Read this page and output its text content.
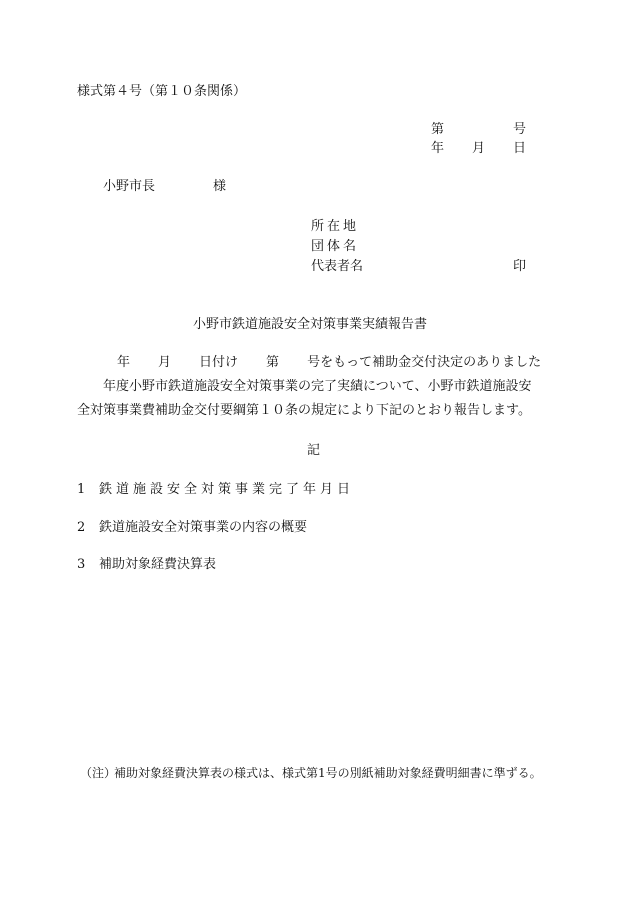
様式第４号（第１０条関係）
第	号
年 月 日
小野市長	様
所在地
団体名
代表者名	印
小野市鉄道施設安全対策事業実績報告書
年 月 日付け 第 号をもって補助金交付決定のありました
年度小野市鉄道施設安全対策事業の完了実績について、小野市鉄道施設安
全対策事業費補助金交付要綱第１０条の規定により下記のとおり報告します。
記
1 鉄道施設安全対策事業完了年月日
2 鉄道施設安全対策事業の内容の概要
3 補助対象経費決算表
（注）補助対象経費決算表の様式は、様式第1号の別紙補助対象経費明細書に準ずる。
